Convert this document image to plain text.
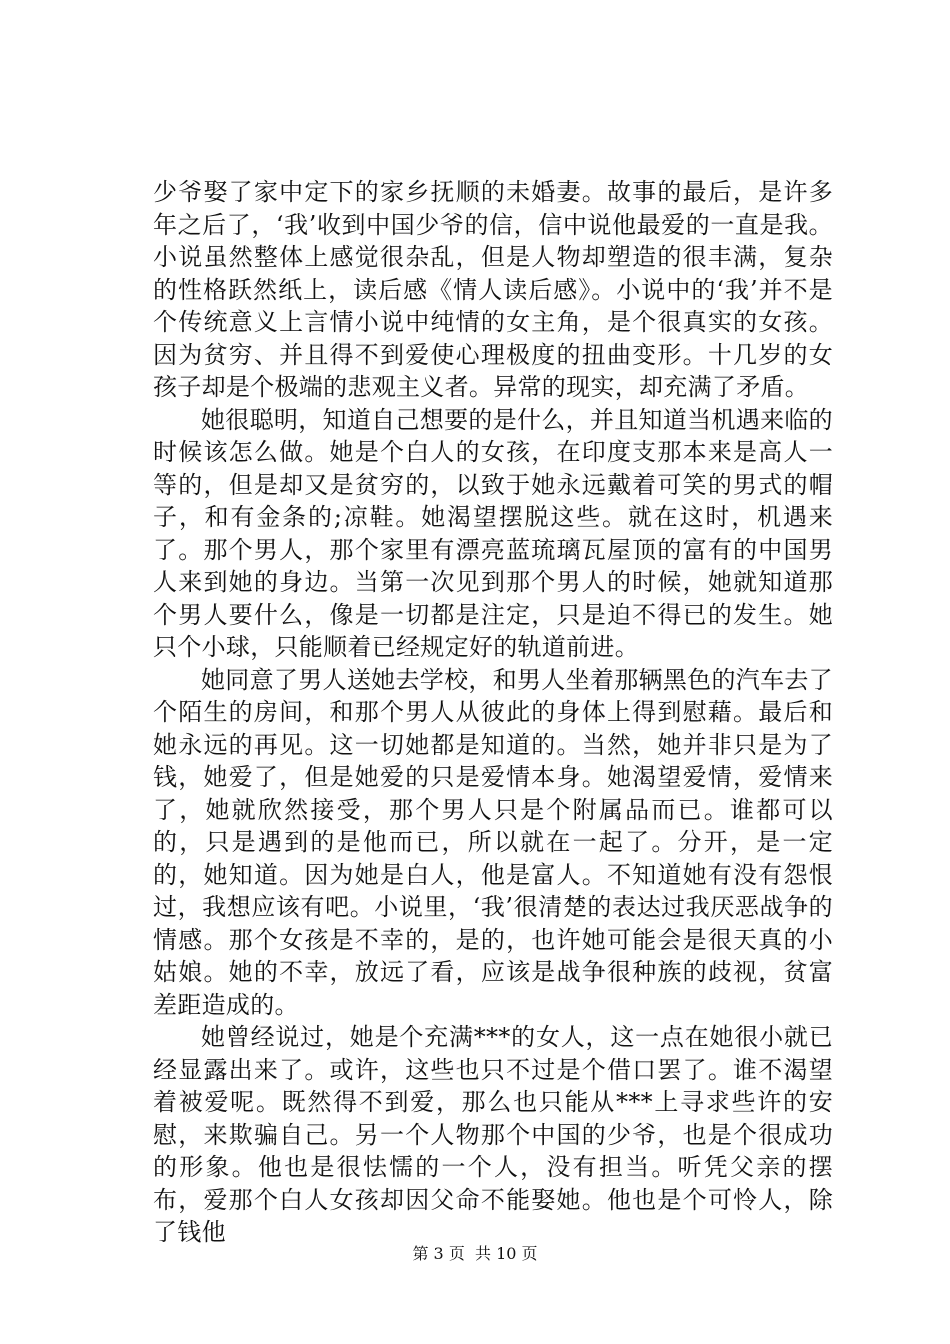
少爷娶了家中定下的家乡抚顺的未婚妻。故事的最后，是许多年之后了，‘我’收到中国少爷的信，信中说他最爱的一直是我。小说虽然整体上感觉很杂乱，但是人物却塑造的很丰满，复杂的性格跃然纸上，读后感《情人读后感》。小说中的‘我’并不是个传统意义上言情小说中纯情的女主角，是个很真实的女孩。因为贫穷、并且得不到爱使心理极度的扭曲变形。十几岁的女孩子却是个极端的悲观主义者。异常的现实，却充满了矛盾。

她很聪明，知道自己想要的是什么，并且知道当机遇来临的时候该怎么做。她是个白人的女孩，在印度支那本来是高人一等的，但是却又是贫穷的，以致于她永远戴着可笑的男式的帽子，和有金条的;凉鞋。她渴望摆脱这些。就在这时，机遇来了。那个男人，那个家里有漂亮蓝琉璃瓦屋顶的富有的中国男人来到她的身边。当第一次见到那个男人的时候，她就知道那个男人要什么，像是一切都是注定，只是迫不得已的发生。她只个小球，只能顺着已经规定好的轨道前进。

她同意了男人送她去学校，和男人坐着那辆黑色的汽车去了个陌生的房间，和那个男人从彼此的身体上得到慰藉。最后和她永远的再见。这一切她都是知道的。当然，她并非只是为了钱，她爱了，但是她爱的只是爱情本身。她渴望爱情，爱情来了，她就欣然接受，那个男人只是个附属品而已。谁都可以的，只是遇到的是他而已，所以就在一起了。分开，是一定的，她知道。因为她是白人，他是富人。不知道她有没有怨恨过，我想应该有吧。小说里，‘我’很清楚的表达过我厌恶战争的情感。那个女孩是不幸的，是的，也许她可能会是很天真的小姑娘。她的不幸，放远了看，应该是战争很种族的歧视，贫富差距造成的。

她曾经说过，她是个充满***的女人，这一点在她很小就已经显露出来了。或许，这些也只不过是个借口罢了。谁不渴望着被爱呢。既然得不到爱，那么也只能从***上寻求些许的安慰，来欺骗自己。另一个人物那个中国的少爷，也是个很成功的形象。他也是很怯懦的一个人，没有担当。听凭父亲的摆布，爱那个白人女孩却因父命不能娶她。他也是个可怜人，除了钱他

第 3 页  共 10 页
